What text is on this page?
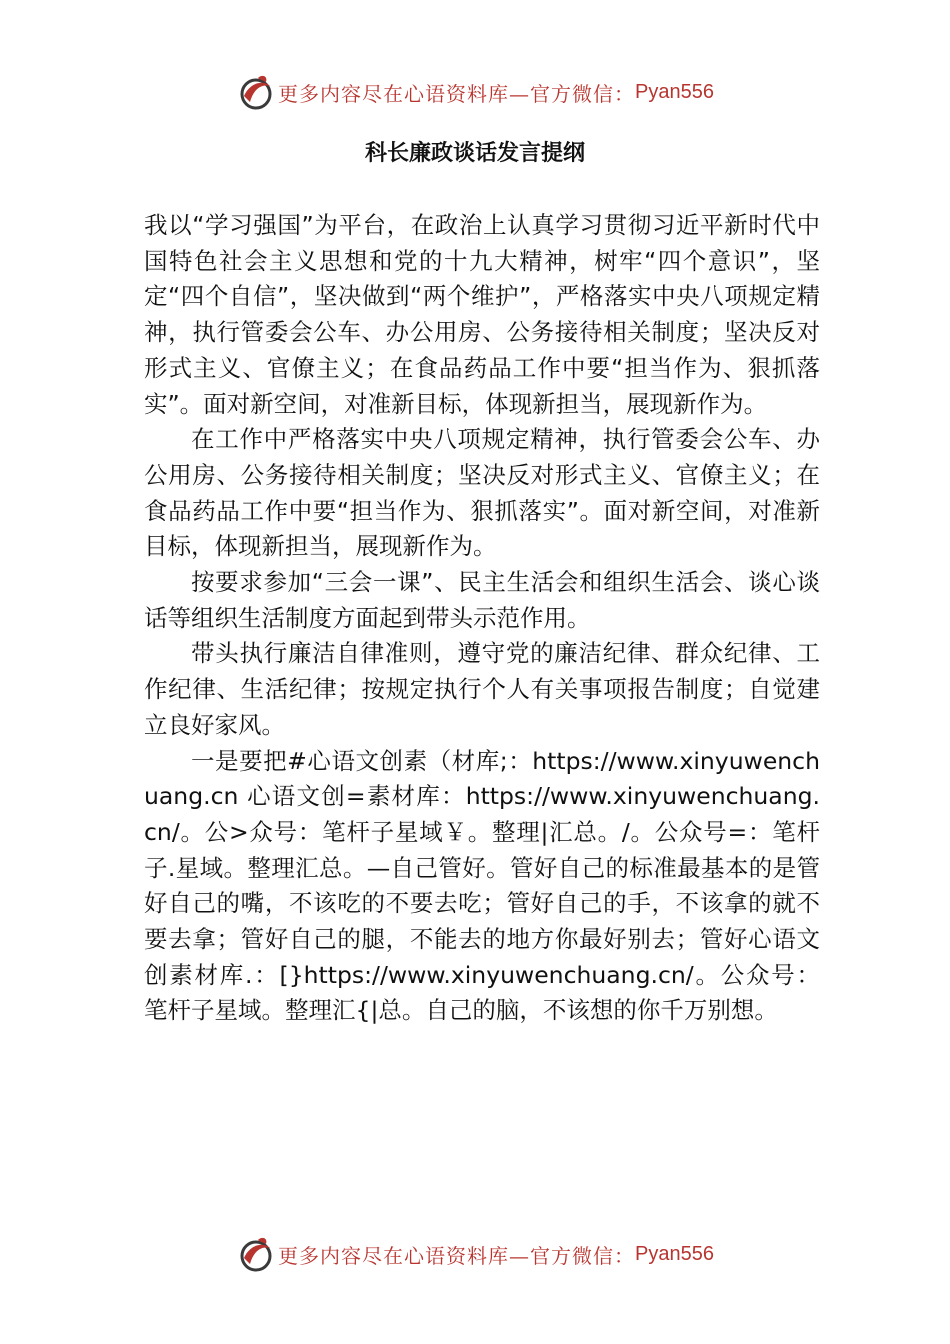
更多内容尽在心语资料库—官方微信： Pyan556
科长廉政谈话发言提纲

我以“学习强国”为平台，在政治上认真学习贯彻习近平新时代中国特色社会主义思想和党的十九大精神，树牢“四个意识”，坚定“四个自信”，坚决做到“两个维护”，严格落实中央八项规定精神，执行管委会公车、办公用房、公务接待相关制度；坚决反对形式主义、官僚主义；在食品药品工作中要“担当作为、狠抓落实”。面对新空间，对准新目标，体现新担当，展现新作为。

在工作中严格落实中央八项规定精神，执行管委会公车、办公用房、公务接待相关制度；坚决反对形式主义、官僚主义；在食品药品工作中要“担当作为、狠抓落实”。面对新空间，对准新目标，体现新担当，展现新作为。

按要求参加“三会一课”、民主生活会和组织生活会、谈心谈话等组织生活制度方面起到带头示范作用。

带头执行廉洁自律准则，遵守党的廉洁纪律、群众纪律、工作纪律、生活纪律；按规定执行个人有关事项报告制度；自觉建立良好家风。

一是要把#心语文创素（材库;：https://www.xinyuwenchuang.cn 心语文创=素材库：https://www.xinyuwenchuang.cn/。公>众号：笔杆子星域￥。整理|汇总。/。公众号=：笔杆子.星域。整理汇总。—自己管好。管好自己的标准最基本的是管好自己的嘴，不该吃的不要去吃；管好自己的手，不该拿的就不要去拿；管好自己的腿，不能去的地方你最好别去；管好心语文创素材库.：[}https://www.xinyuwenchuang.cn/。公众号：笔杆子星域。整理汇{|总。自己的脑，不该想的你千万别想。

更多内容尽在心语资料库—官方微信： Pyan556
